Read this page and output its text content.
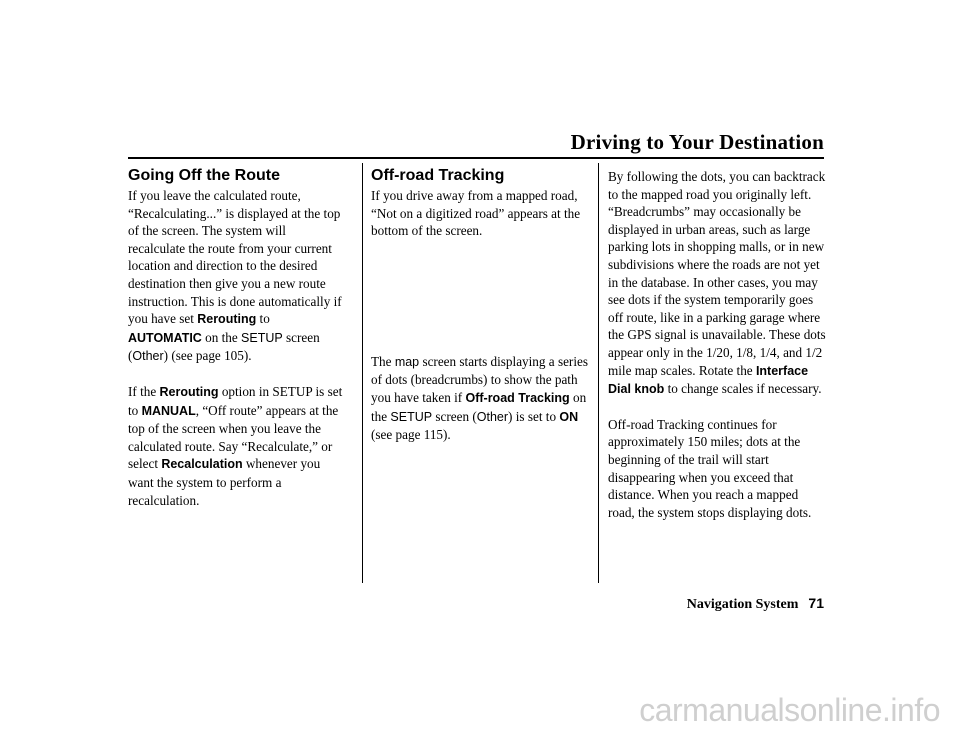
Driving to Your Destination
Going Off the Route

If you leave the calculated route, “Recalculating...” is displayed at the top of the screen. The system will recalculate the route from your current location and direction to the desired destination then give you a new route instruction. This is done automatically if you have set Rerouting to AUTOMATIC on the SETUP screen (Other) (see page 105).

If the Rerouting option in SETUP is set to MANUAL, “Off route” appears at the top of the screen when you leave the calculated route. Say “Recalculate,” or select Recalculation whenever you want the system to perform a recalculation.

Off-road Tracking

If you drive away from a mapped road, “Not on a digitized road” appears at the bottom of the screen.

The map screen starts displaying a series of dots (breadcrumbs) to show the path you have taken if Off-road Tracking on the SETUP screen (Other) is set to ON (see page 115).

By following the dots, you can backtrack to the mapped road you originally left. “Breadcrumbs” may occasionally be displayed in urban areas, such as large parking lots in shopping malls, or in new subdivisions where the roads are not yet in the database. In other cases, you may see dots if the system temporarily goes off route, like in a parking garage where the GPS signal is unavailable. These dots appear only in the 1/20, 1/8, 1/4, and 1/2 mile map scales. Rotate the Interface Dial knob to change scales if necessary.

Off-road Tracking continues for approximately 150 miles; dots at the beginning of the trail will start disappearing when you exceed that distance. When you reach a mapped road, the system stops displaying dots.

Navigation System 71
carmanualsonline.info
